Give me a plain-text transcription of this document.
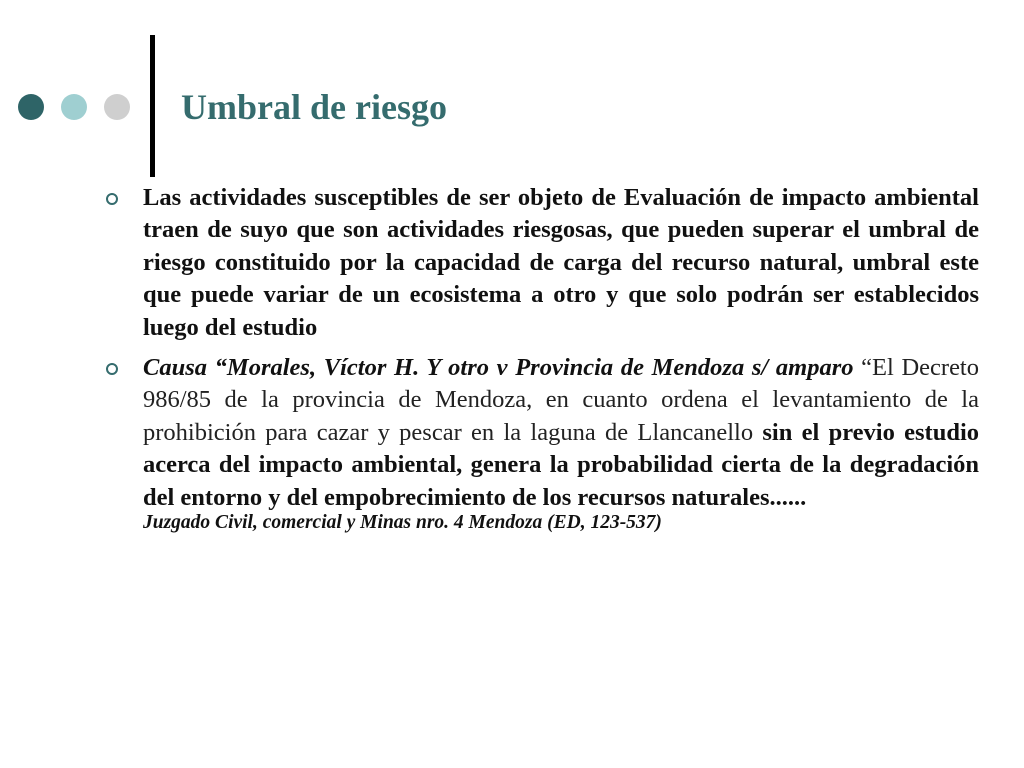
Umbral de riesgo
Las actividades susceptibles de ser objeto de Evaluación de impacto ambiental traen de suyo que son actividades riesgosas, que pueden superar el umbral de riesgo constituido por la capacidad de carga del recurso natural, umbral este que puede variar de un ecosistema a otro y que solo podrán ser establecidos luego del estudio
Causa “Morales, Víctor H. Y otro v Provincia de Mendoza s/ amparo “El Decreto 986/85 de la provincia de Mendoza, en cuanto ordena el levantamiento de la prohibición para cazar y pescar en la laguna de Llancanello sin el previo estudio acerca del impacto ambiental, genera la probabilidad cierta de la degradación del entorno y del empobrecimiento de los recursos naturales......
Juzgado Civil, comercial y Minas nro. 4 Mendoza (ED, 123-537)
